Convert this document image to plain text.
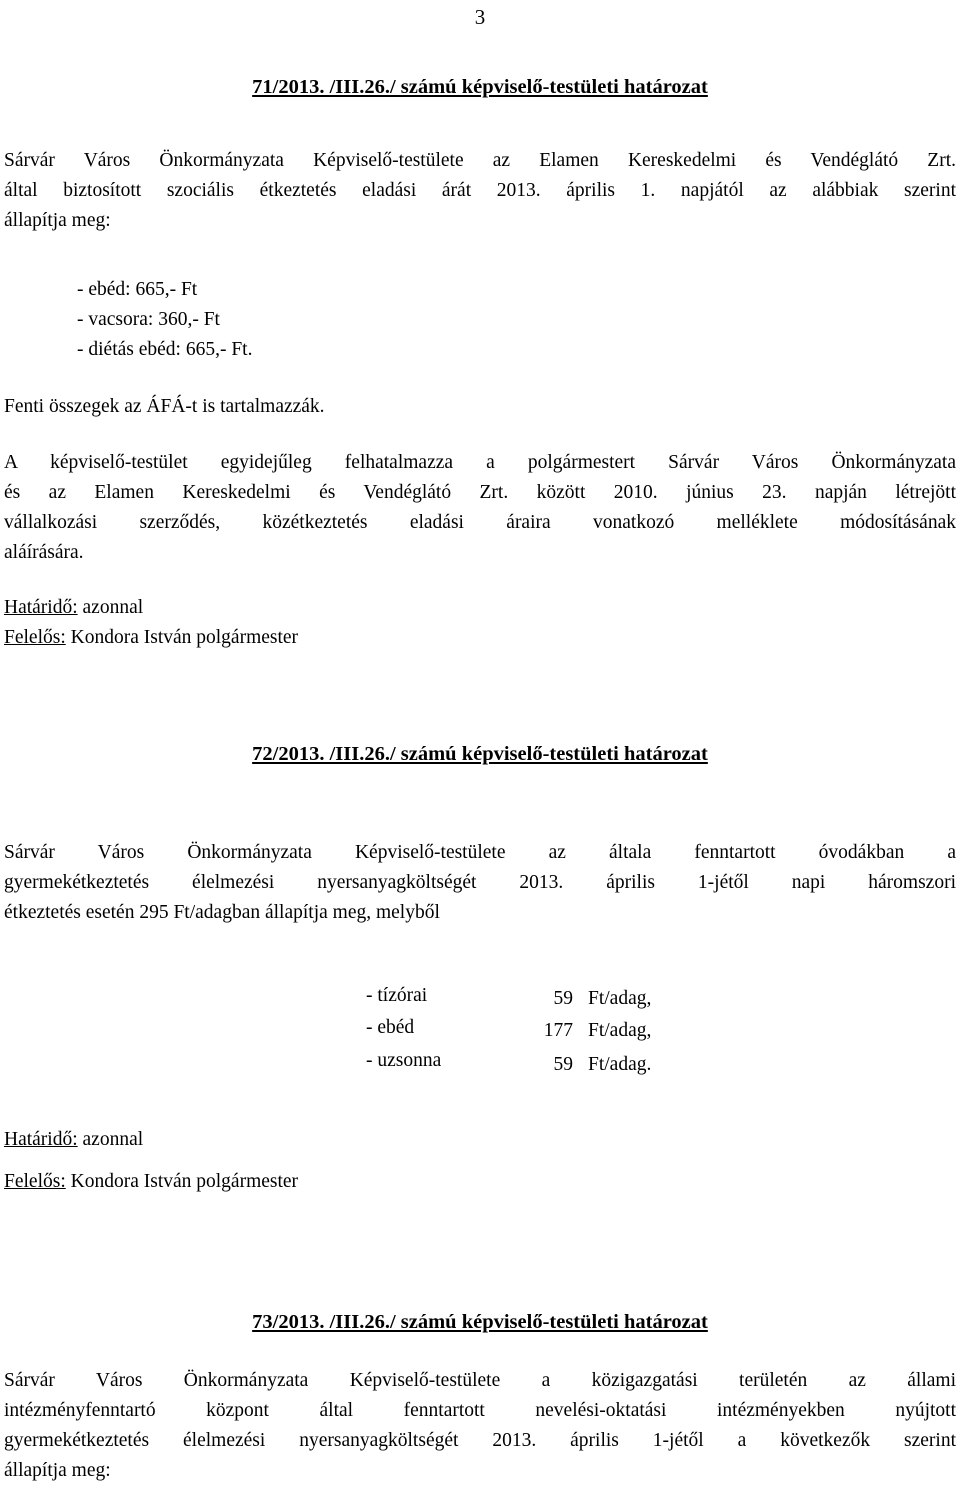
3
71/2013. /III.26./ számú képviselő-testületi határozat
Sárvár Város Önkormányzata Képviselő-testülete az Elamen Kereskedelmi és Vendéglátó Zrt.
által biztosított szociális étkeztetés eladási árát 2013. április 1. napjától az alábbiak szerint
állapítja meg:
- ebéd: 665,- Ft
- vacsora: 360,- Ft
- diétás ebéd: 665,- Ft.
Fenti összegek az ÁFÁ-t is tartalmazzák.
A képviselő-testület egyidejűleg felhatalmazza a polgármestert Sárvár Város Önkormányzata
és az Elamen Kereskedelmi és Vendéglátó Zrt. között 2010. június 23. napján létrejött
vállalkozási szerződés, közétkeztetés eladási áraira vonatkozó melléklete módosításának
aláírására.
Határidő: azonnal
Felelős: Kondora István polgármester
72/2013. /III.26./ számú képviselő-testületi határozat
Sárvár Város Önkormányzata Képviselő-testülete az általa fenntartott óvodákban a
gyermekétkeztetés élelmezési nyersanyagköltségét 2013. április 1-jétől napi háromszori
étkeztetés esetén 295 Ft/adagban állapítja meg, melyből
- tízórai	59 Ft/adag,
- ebéd	177 Ft/adag,
- uzsonna	59 Ft/adag.
Határidő: azonnal
Felelős: Kondora István polgármester
73/2013. /III.26./ számú képviselő-testületi határozat
Sárvár Város Önkormányzata Képviselő-testülete a közigazgatási területén az állami
intézményfenntartó központ által fenntartott nevelési-oktatási intézményekben nyújtott
gyermekétkeztetés élelmezési nyersanyagköltségét 2013. április 1-jétől a következők szerint
állapítja meg:
